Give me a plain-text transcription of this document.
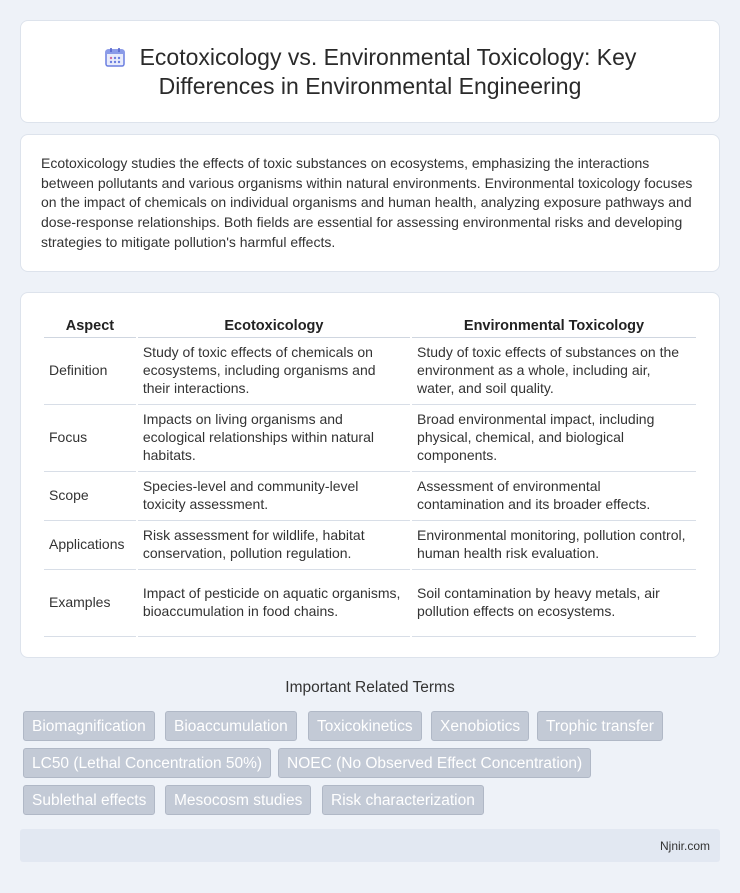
Ecotoxicology vs. Environmental Toxicology: Key
Differences in Environmental Engineering

Ecotoxicology studies the effects of toxic substances on ecosystems, emphasizing the interactions between pollutants and various organisms within natural environments. Environmental toxicology focuses on the impact of chemicals on individual organisms and human health, analyzing exposure pathways and dose-response relationships. Both fields are essential for assessing environmental risks and developing strategies to mitigate pollution's harmful effects.

Aspect	Ecotoxicology	Environmental Toxicology
Definition	Study of toxic effects of chemicals on ecosystems, including organisms and their interactions.	Study of toxic effects of substances on the environment as a whole, including air, water, and soil quality.
Focus	Impacts on living organisms and ecological relationships within natural habitats.	Broad environmental impact, including physical, chemical, and biological components.
Scope	Species-level and community-level toxicity assessment.	Assessment of environmental contamination and its broader effects.
Applications	Risk assessment for wildlife, habitat conservation, pollution regulation.	Environmental monitoring, pollution control, human health risk evaluation.
Examples	Impact of pesticide on aquatic organisms, bioaccumulation in food chains.	Soil contamination by heavy metals, air pollution effects on ecosystems.
Important Related Terms
Biomagnification	Bioaccumulation	Toxicokinetics	Xenobiotics	Trophic transfer
LC50 (Lethal Concentration 50%)	NOEC (No Observed Effect Concentration)
Sublethal effects	Mesocosm studies	Risk characterization
Njnir.com
